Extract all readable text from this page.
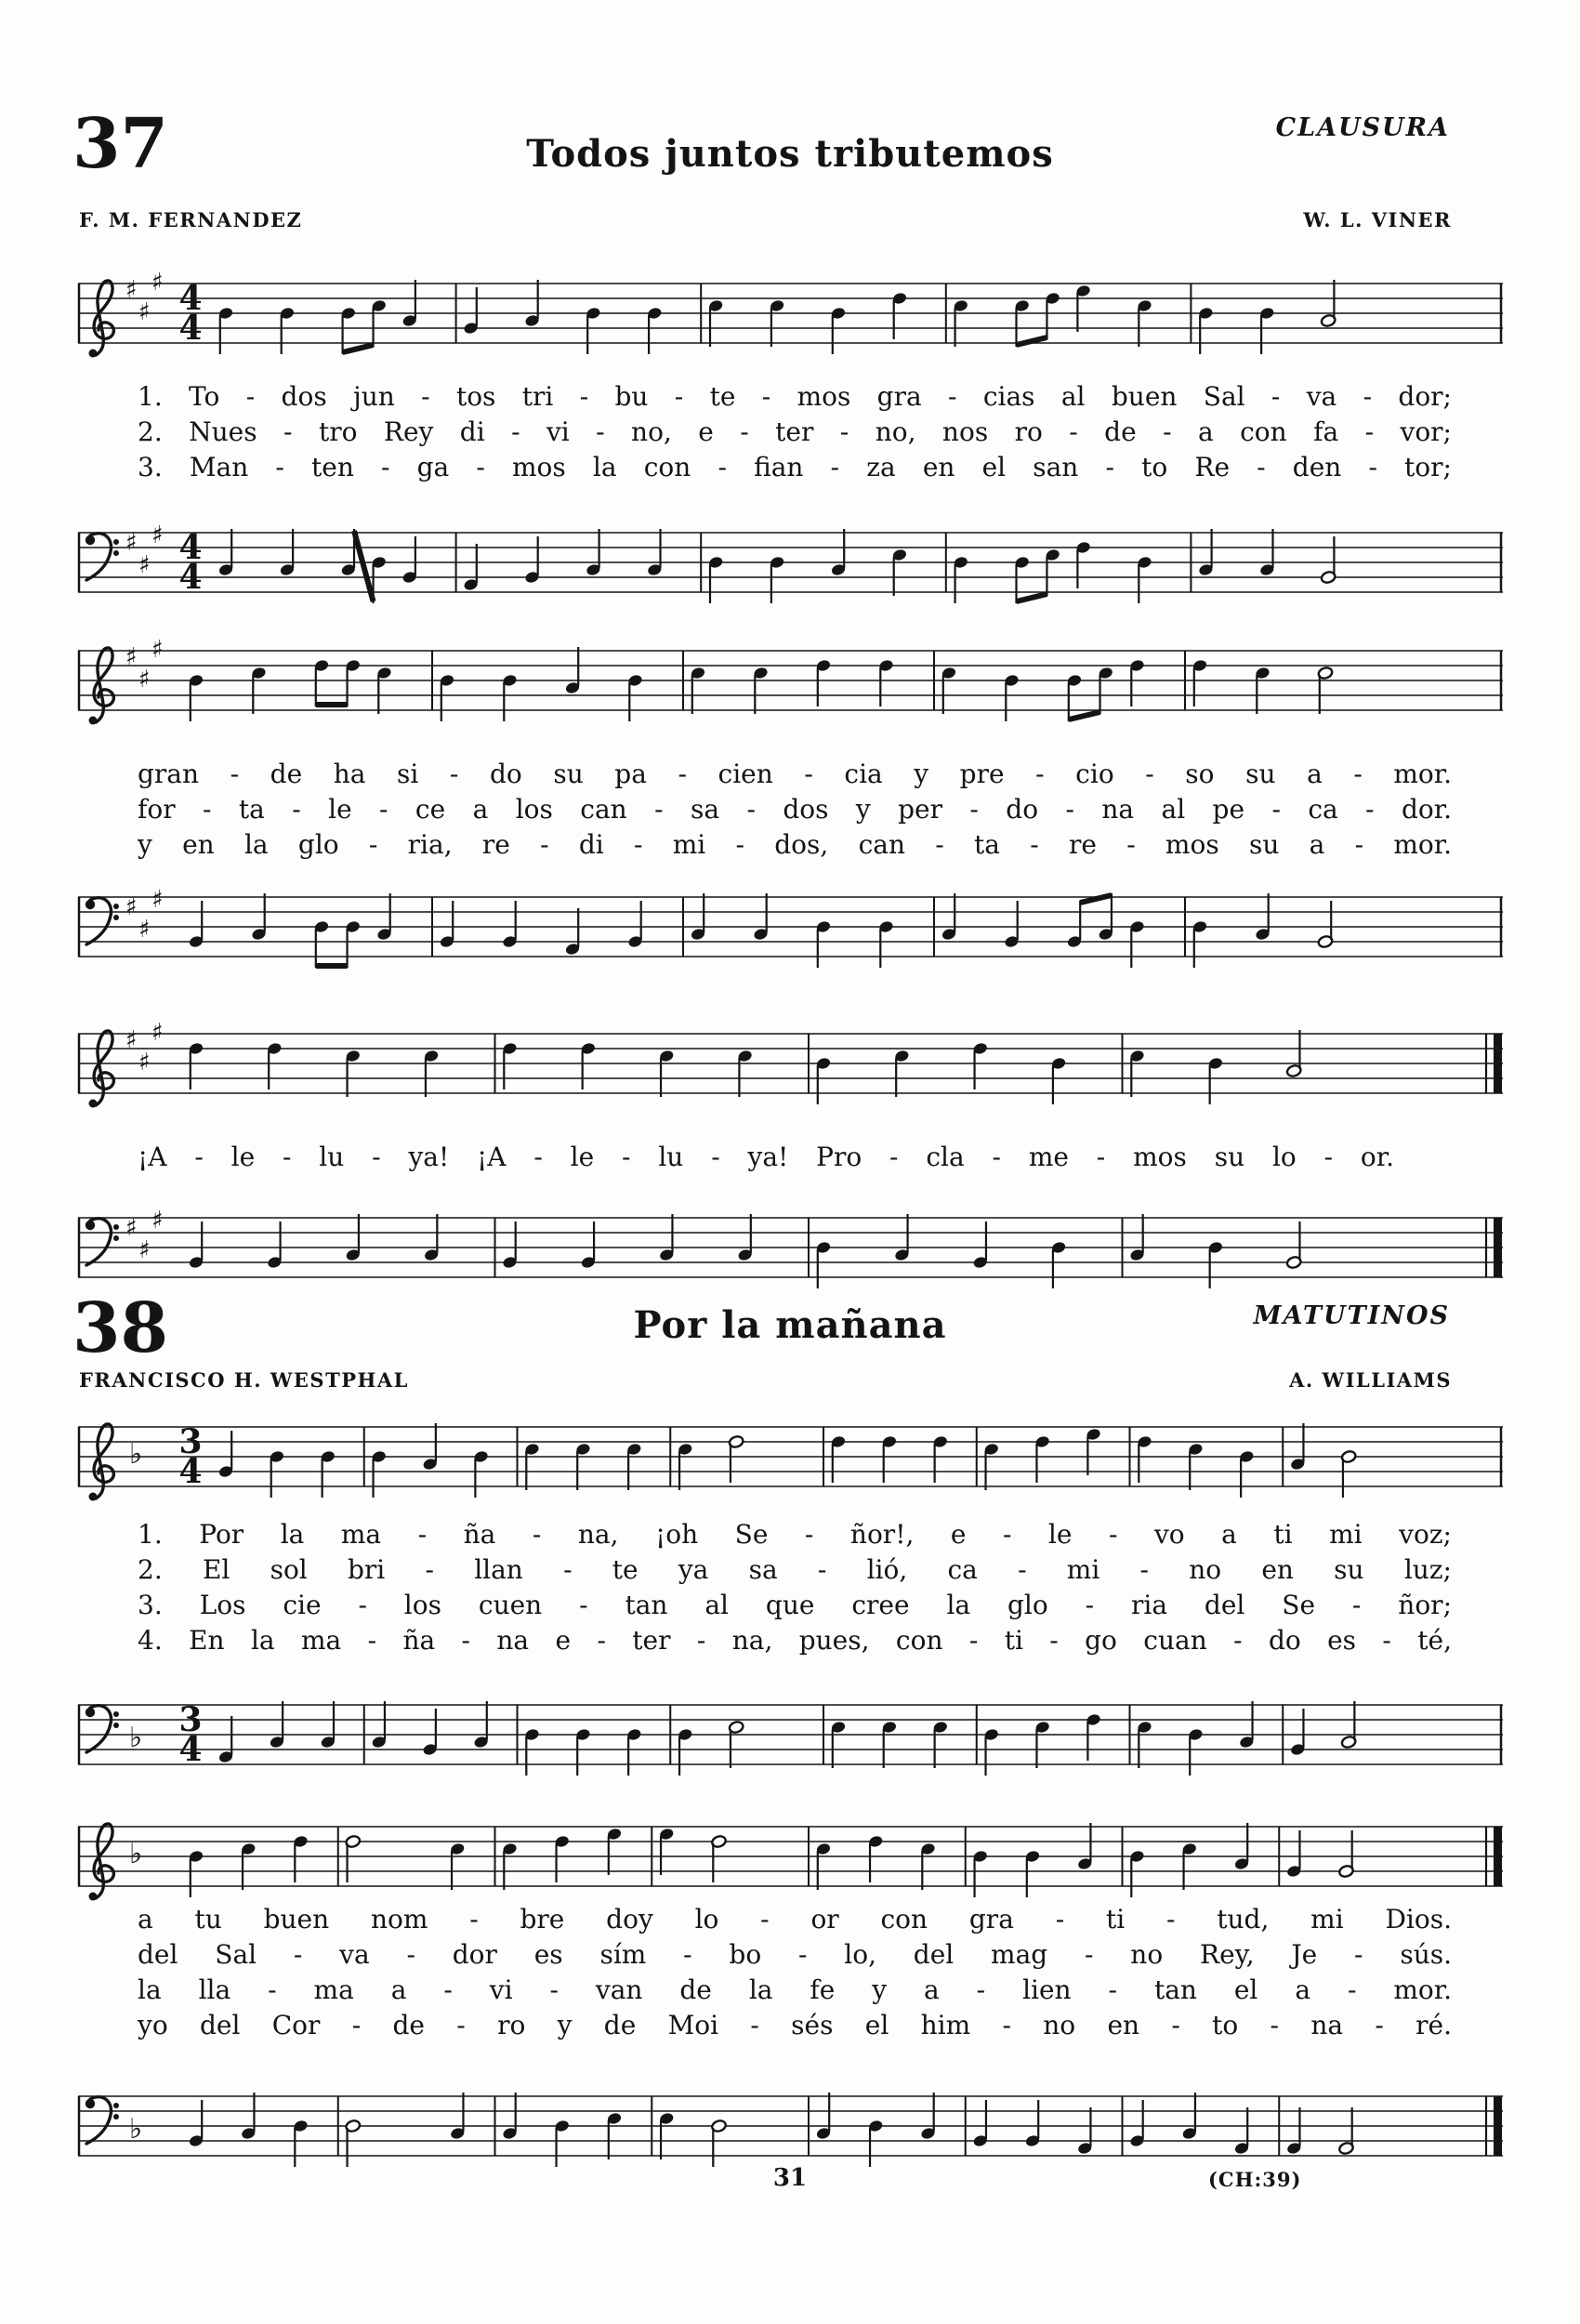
37	Todos juntos tributemos
CLAUSURA
W. L. VINER
F. M. FERNANDEZ
♯
♯
♯ 4
4
1. To - dos jun - tos tri - bu - te - mos gra - cias al buen Sal - va - dor;
2. Nues - tro Rey di - vi - no, e - ter - no, nos ro - de - a con fa - vor;
3. Man - ten - ga - mos la con - fian - za en el san - to Re - den - tor;
♯
♯
♯ 4
4
♯
♯
♯
gran - de ha si - do su pa - cien - cia y pre - cio - so su a - mor.
for - ta - le - ce a los can - sa - dos y per - do - na al pe - ca - dor.
y en la glo - ria, re - di - mi - dos, can - ta - re - mos su a - mor.
♯
♯
♯
♯
♯
♯
¡A - le - lu - ya! ¡A - le - lu - ya! Pro - cla - me - mos su lo - or.
♯
♯
♯
38	Por la mañana	MATUTINOS
A. WILLIAMS
FRANCISCO H. WESTPHAL
♭ 3
4
1. Por la ma - ña - na, ¡oh Se - ñor!, e - le - vo a ti mi voz;
2. El sol bri - llan - te ya sa - lió, ca - mi - no en su luz;
3. Los cie - los cuen - tan al que cree la glo - ria del Se - ñor;
4. En la ma - ña - na e - ter - na, pues, con - ti - go cuan - do es - té,
♭ 3
4
♭
a tu buen nom - bre doy lo - or con gra - ti - tud, mi Dios.
del Sal - va - dor es sím - bo - lo, del mag - no Rey, Je - sús.
la lla - ma a - vi - van de la fe y a - lien - tan el a - mor.
yo del Cor - de - ro y de Moi - sés el him - no en - to - na - ré.
♭
31	(CH:39)
